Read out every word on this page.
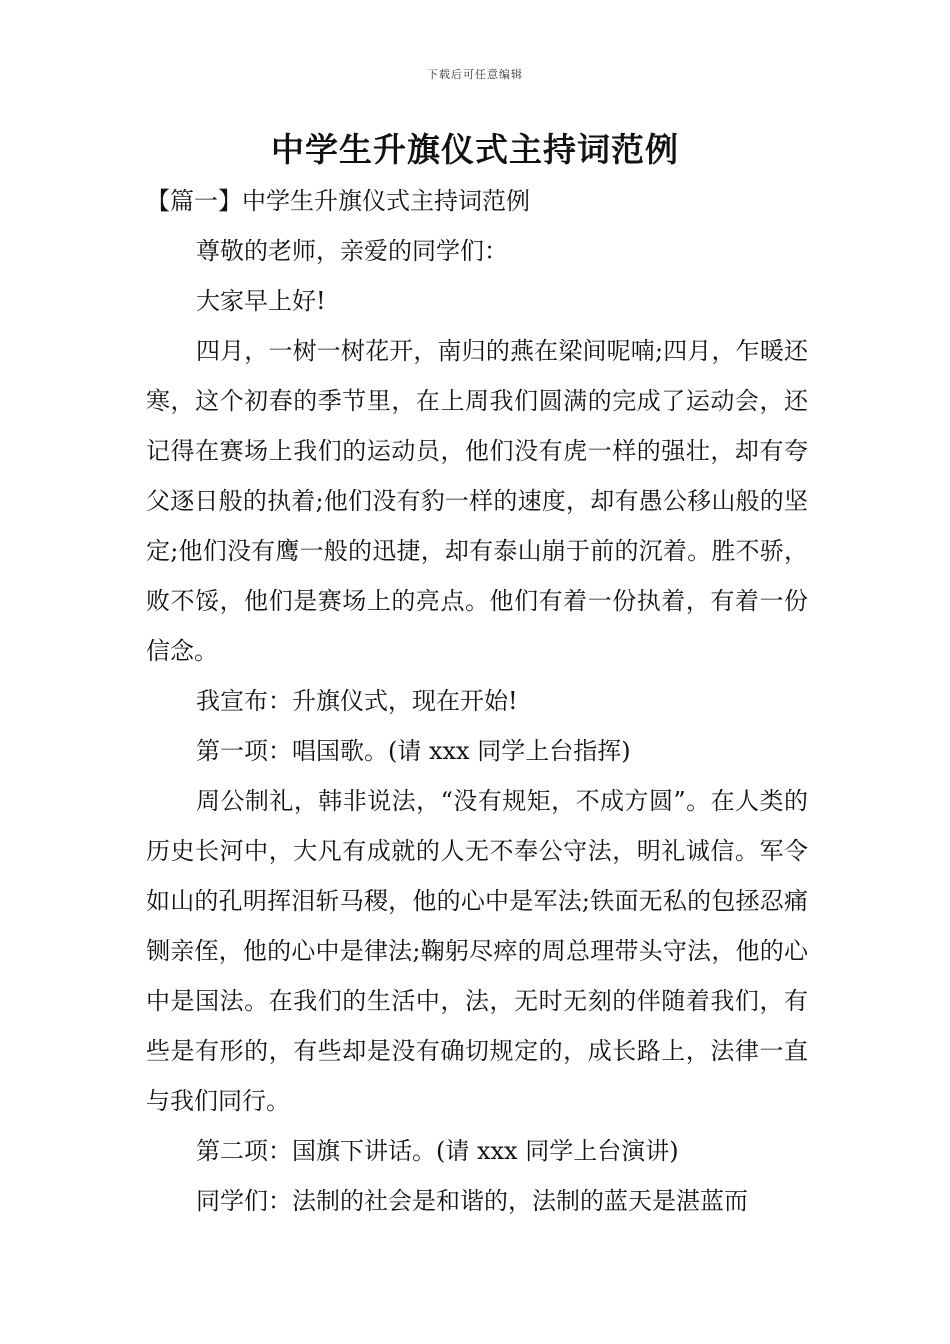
下载后可任意编辑
中学生升旗仪式主持词范例

【篇一】中学生升旗仪式主持词范例

尊敬的老师，亲爱的同学们：

大家早上好!

四月，一树一树花开，南归的燕在梁间呢喃;四月，乍暖还寒，这个初春的季节里，在上周我们圆满的完成了运动会，还记得在赛场上我们的运动员，他们没有虎一样的强壮，却有夸父逐日般的执着;他们没有豹一样的速度，却有愚公移山般的坚定;他们没有鹰一般的迅捷，却有泰山崩于前的沉着。胜不骄，败不馁，他们是赛场上的亮点。他们有着一份执着，有着一份信念。

我宣布：升旗仪式，现在开始!

第一项：唱国歌。(请 xxx 同学上台指挥)

周公制礼，韩非说法，“没有规矩，不成方圆”。在人类的历史长河中，大凡有成就的人无不奉公守法，明礼诚信。军令如山的孔明挥泪斩马稷，他的心中是军法;铁面无私的包拯忍痛铡亲侄，他的心中是律法;鞠躬尽瘁的周总理带头守法，他的心中是国法。在我们的生活中，法，无时无刻的伴随着我们，有些是有形的，有些却是没有确切规定的，成长路上，法律一直与我们同行。

第二项：国旗下讲话。(请 xxx 同学上台演讲)

同学们：法制的社会是和谐的，法制的蓝天是湛蓝而
